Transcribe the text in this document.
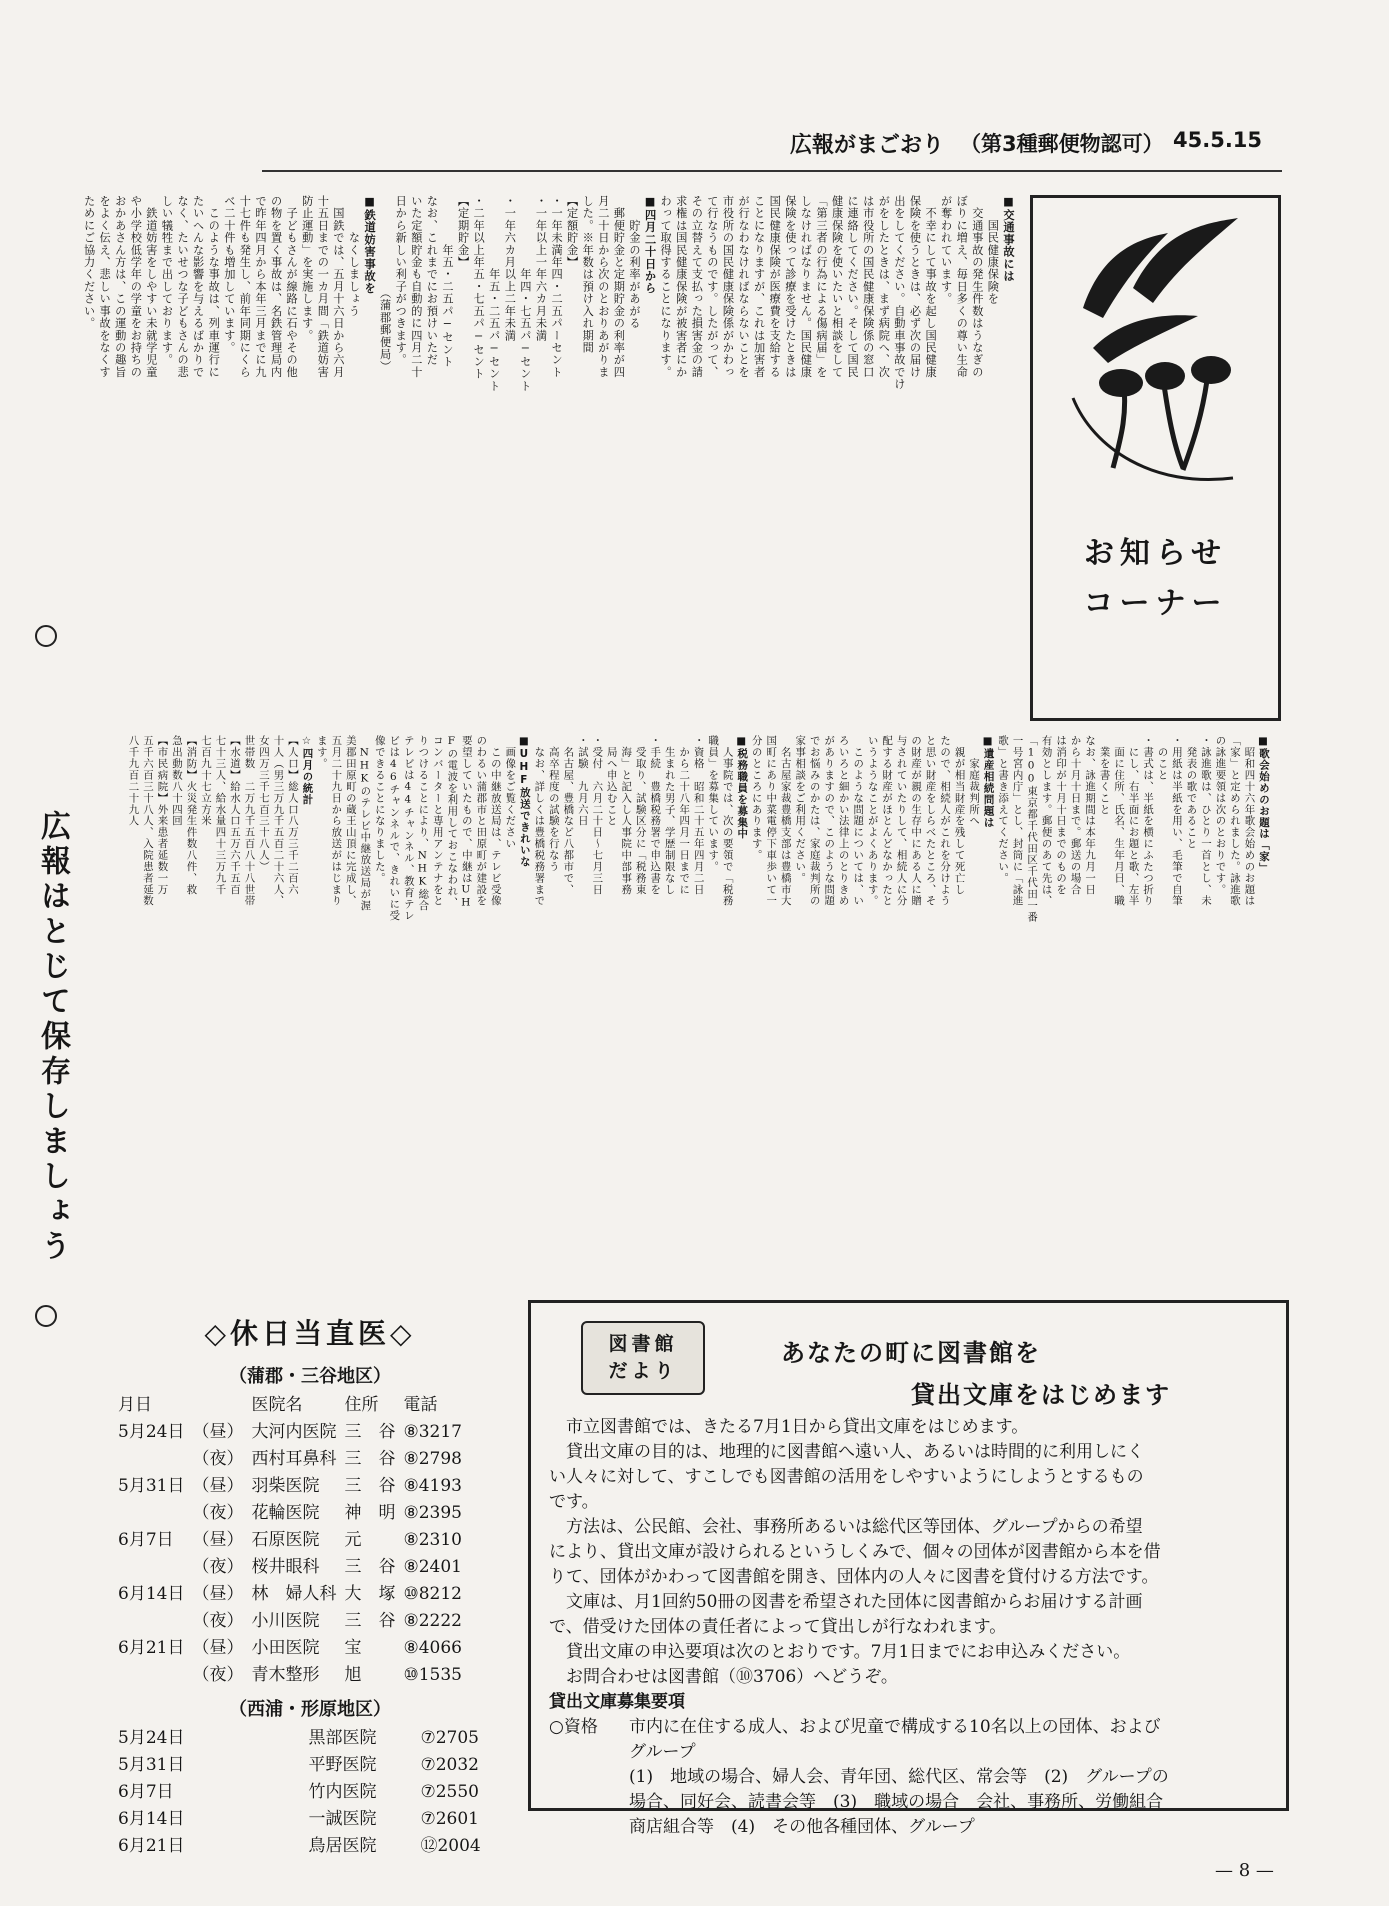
広報がまごおり （第3種郵便物認可） 45.5.15
お知らせ
コーナー
広報はとじて保存しましょう
■交通事故には
　　国民健康保険を
　交通事故の発生件数はうなぎの
ぼりに増え、毎日多くの尊い生命
が奪われています。
　不幸にして事故を起し国民健康
保険を使うときは、必ず次の届け
出をしてください。自動車事故でけ
がをしたときは、まず病院へ、次
は市役所の国民健康保険係の窓口
に連絡してください。そして国民
健康保険を使いたいと相談をして
「第三者の行為による傷病届」を
しなければなりません。国民健康
保険を使って診療を受けたときは
国民健康保険が医療費を支給する
ことになりますが、これは加害者
が行なわなければならないことを
市役所の国民健康保険係がかわっ
て行なうものです。したがって、
その立替えて支払った損害金の請
求権は国民健康保険が被害者にか
わって取得することになります。
■四月二十日から
　　貯金の利率があがる
　郵便貯金と定期貯金の利率が四
月二十日から次のとおりあがりま
した。※年数は預け入れ期間
【定額貯金】
・一年未満年四・二五パーセント
・一年以上一年六カ月未満
　　　　　　年四・七五パ−セント
・一年六カ月以上二年未満
　　　　　　年五・二五パ−セント
・二年以上年五・七五パ−セント
【定期貯金】
　　　　年五・二五パ−セント
なお、これまでにお預けいただ
いた定額貯金も自動的に四月二十
日から新しい利子がつきます。
　　　　　　　　（蒲郡郵便局）
■鉄道妨害事故を
　　　なくしましょう
　国鉄では、五月十六日から六月
十五日までの一カ月間「鉄道妨害
防止運動」を実施します。
　子どもさんが線路に石やその他
の物を置く事故は、名鉄管理局内
で昨年四月から本年三月までに九
十七件も発生し、前年同期にくら
べ二十件も増加しています。
　このような事故は、列車運行に
たいへんな影響を与えるばかりで
なく、たいせつな子どもさんの悲
しい犠牲まで出しております。
　鉄道妨害をしやすい未就学児童
や小学校低学年の学童をお持ちの
おかあさん方は、この運動の趣旨
をよく伝え、悲しい事故をなくす
ためにご協力ください。
■歌会始めのお題は「家」
　昭和四十六年歌会始めのお題は
「家」と定められました。詠進歌
の詠進要領は次のとおりです。
・詠進歌は、ひとり一首とし、未
　発表の歌であること
・用紙は半紙を用い、毛筆で自筆
　のこと
・書式は、半紙を横にふたつ折り
　にし、右半面にお題と歌、左半
　面に住所、氏名、生年月日、職
　業を書くこと
なお、詠進期間は本年九月一日
から十月十日まで。郵送の場合
は消印が十月十日までのものを
有効とします。郵便のあて先は、
「100東京都千代田区千代田一番
一号宮内庁」とし、封筒に「詠進
歌」と書き添えてください。
■遺産相続問題は
　　家庭裁判所へ
　親が相当財産を残して死亡し
たので、相続人がこれを分けよう
と思い財産をしらべたところ、そ
の財産が親の生存中にある人に贈
与されていたりして、相続人に分
配する財産がほとんどなかったと
いうようなことがよくあります。
　このような問題については、い
ろいろと細かい法律上のとりきめ
がありますので、このような問題
でお悩みのかたは、家庭裁判所の
家事相談をご利用ください。
　名古屋家裁豊橋支部は豊橋市大
国町にあり中菜電停下車歩いて一
分のところにあります。
■税務職員を募集中
　人事院では、次の要領で「税務
職員」を募集しています。
・資格　昭和二十五年四月二日
　から二十八年四月一日までに
　生まれた男子、学歴制限なし
・手続　豊橋税務署で申込書を
　受取り、試験区分に「税務東
　海」と記入し人事院中部事務
　局へ申込むこと
・受付　六月二十日〜七月三日
・試験　九月六日
　名古屋、豊橋など八都市で、
　高卒程度の試験を行なう
　なお、詳しくは豊橋税務署まで
■UHF放送できれいな
　画像をご覧ください
　この中継放送局は、テレビ受像
のわるい蒲郡市と田原町が建設を
要望していたもので、中継はUH
Fの電波を利用しておこなわれ、
コンバーターと専用アンテナをと
りつけることにより、NHK総合
テレビは44チャンネル、教育テレ
ビは46チャンネルで、きれいに受
像できることになりました。
　NHKのテレビ中継放送局が渥
美郡田原町の蔵王山頂に完成し、
五月二十九日から放送がはじまり
ます。
☆四月の統計
【人口】総人口八万三千二百六
十人（男三万九千五百二十六人、
女四万三千七百三十八人）
世帯数　二万九千五百八十八世帯
【水道】給水人口五万六千五百
七十三人、給水量四十三万九千
七百九十七立方米
【消防】火災発生件数八件、救
急出動数八十四回
【市民病院】外来患者延数一万
五千六百三十八人、入院患者延数
八千九百二十九人
◇休日当直医◇
（蒲郡・三谷地区）
月日		医院名	住所	電話
5月24日	（昼）	大河内医院	三　谷	⑧3217
	（夜）	西村耳鼻科	三　谷	⑧2798
5月31日	（昼）	羽柴医院	三　谷	⑧4193
	（夜）	花輪医院	神　明	⑧2395
6月7日	（昼）	石原医院	元	⑧2310
	（夜）	桜井眼科	三　谷	⑧2401
6月14日	（昼）	林　婦人科	大　塚	⑩8212
	（夜）	小川医院	三　谷	⑧2222
6月21日	（昼）	小田医院	宝	⑧4066
	（夜）	青木整形	旭	⑩1535
（西浦・形原地区）
5月24日	黒部医院	⑦2705
5月31日	平野医院	⑦2032
6月7日	竹内医院	⑦2550
6月14日	一誠医院	⑦2601
6月21日	鳥居医院	⑫2004
図書館
だより
あなたの町に図書館を
貸出文庫をはじめます

　市立図書館では、きたる7月1日から貸出文庫をはじめます。

　貸出文庫の目的は、地理的に図書館へ遠い人、あるいは時間的に利用しにく

い人々に対して、すこしでも図書館の活用をしやすいようにしようとするもの

です。

　方法は、公民館、会社、事務所あるいは総代区等団体、グループからの希望

により、貸出文庫が設けられるというしくみで、個々の団体が図書館から本を借

りて、団体がかわって図書館を開き、団体内の人々に図書を貸付ける方法です。

　文庫は、月1回約50冊の図書を希望された団体に図書館からお届けする計画

で、借受けた団体の責任者によって貸出しが行なわれます。

　貸出文庫の申込要項は次のとおりです。7月1日までにお申込みください。

　お問合わせは図書館（⑩3706）へどうぞ。

貸出文庫募集要項

○資格 市内に在住する成人、および児童で構成する10名以上の団体、および

グループ

(1)　地域の場合、婦人会、青年団、総代区、常会等　(2)　グループの

場合、同好会、読書会等　(3)　職域の場合　会社、事務所、労働組合

商店組合等　(4)　その他各種団体、グループ

— 8 —
